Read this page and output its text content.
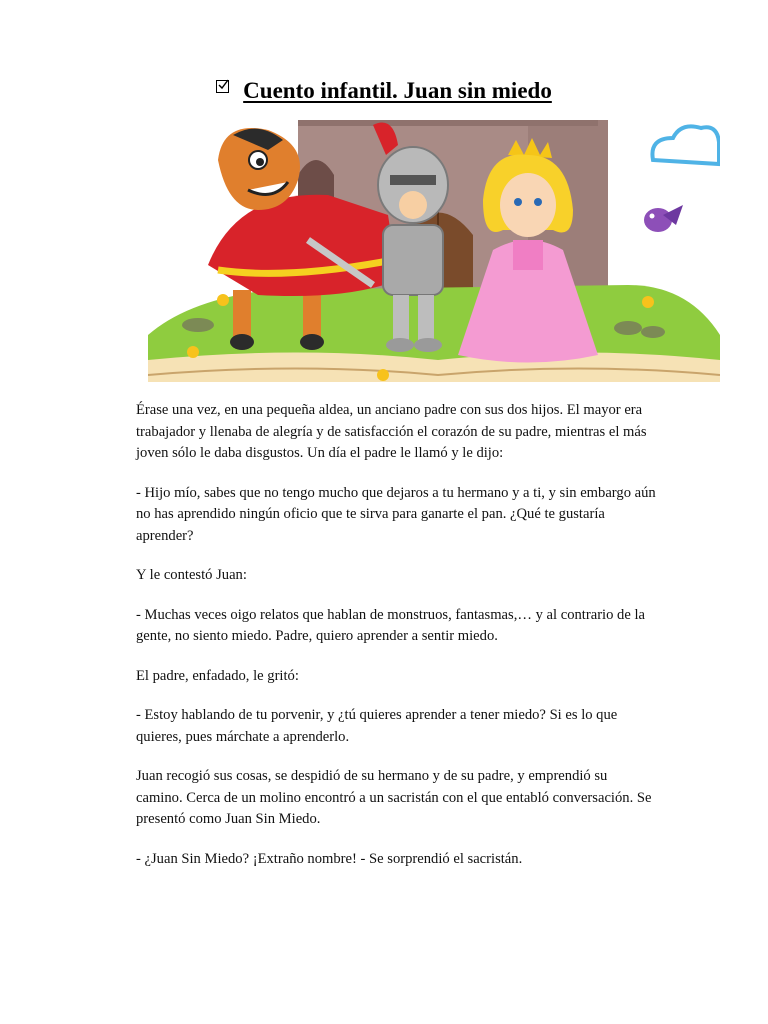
Cuento infantil. Juan sin miedo

Érase una vez, en una pequeña aldea, un anciano padre con sus dos hijos. El mayor era trabajador y llenaba de alegría y de satisfacción el corazón de su padre, mientras el más joven sólo le daba disgustos. Un día el padre le llamó y le dijo:

- Hijo mío, sabes que no tengo mucho que dejaros a tu hermano y a ti, y sin embargo aún no has aprendido ningún oficio que te sirva para ganarte el pan. ¿Qué te gustaría aprender?

Y le contestó Juan:

- Muchas veces oigo relatos que hablan de monstruos, fantasmas,… y al contrario de la gente, no siento miedo. Padre, quiero aprender a sentir miedo.

El padre, enfadado, le gritó:

- Estoy hablando de tu porvenir, y ¿tú quieres aprender a tener miedo? Si es lo que quieres, pues márchate a aprenderlo.

Juan recogió sus cosas, se despidió de su hermano y de su padre, y emprendió su camino. Cerca de un molino encontró a un sacristán con el que entabló conversación. Se presentó como Juan Sin Miedo.

- ¿Juan Sin Miedo? ¡Extraño nombre! - Se sorprendió el sacristán.
